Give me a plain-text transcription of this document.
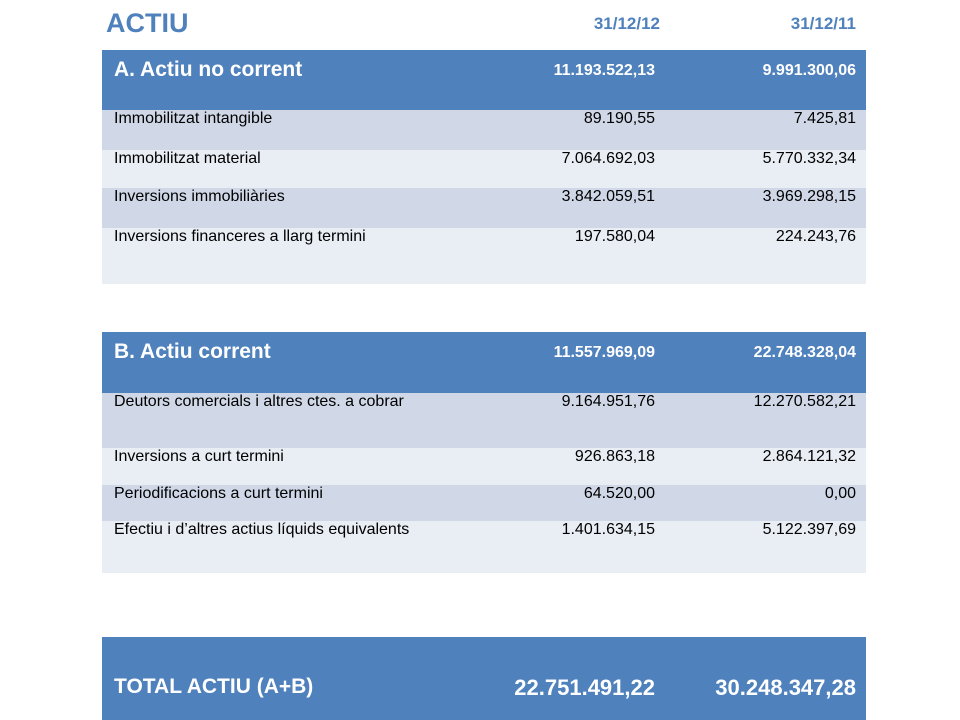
ACTIU	31/12/12	31/12/11
A. Actiu no corrent	11.193.522,13	9.991.300,06
Immobilitzat intangible	89.190,55	7.425,81
Immobilitzat material	7.064.692,03	5.770.332,34
Inversions immobiliàries	3.842.059,51	3.969.298,15
Inversions financeres a llarg termini	197.580,04	224.243,76
B. Actiu corrent	11.557.969,09	22.748.328,04
Deutors comercials i altres ctes. a cobrar	9.164.951,76	12.270.582,21
Inversions a curt termini	926.863,18	2.864.121,32
Periodificacions a curt termini	64.520,00	0,00
Efectiu i d’altres actius líquids equivalents	1.401.634,15	5.122.397,69
TOTAL ACTIU (A+B)	22.751.491,22	30.248.347,28
